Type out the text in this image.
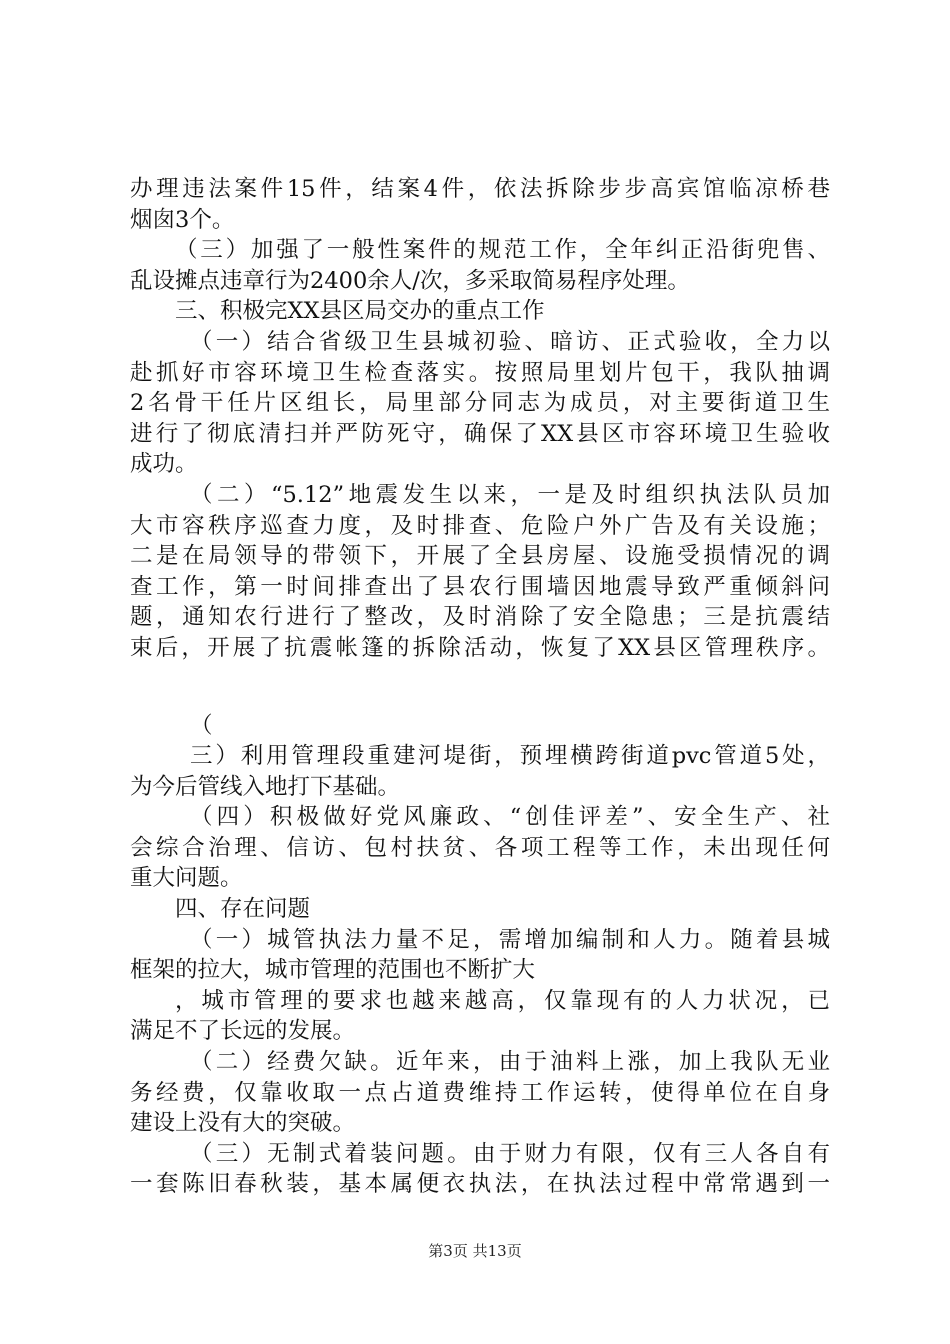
办理违法案件15件，结案4件，依法拆除步步高宾馆临凉桥巷
烟囱3个。
（三）加强了一般性案件的规范工作，全年纠正沿街兜售、
乱设摊点违章行为2400余人/次，多采取简易程序处理。
三、积极完XX县区局交办的重点工作
（一）结合省级卫生县城初验、暗访、正式验收，全力以
赴抓好市容环境卫生检查落实。按照局里划片包干，我队抽调
2名骨干任片区组长，局里部分同志为成员，对主要街道卫生
进行了彻底清扫并严防死守，确保了XX县区市容环境卫生验收
成功。
（二）“5.12”地震发生以来，一是及时组织执法队员加
大市容秩序巡查力度，及时排查、危险户外广告及有关设施；
二是在局领导的带领下，开展了全县房屋、设施受损情况的调
查工作，第一时间排查出了县农行围墙因地震导致严重倾斜问
题，通知农行进行了整改，及时消除了安全隐患；三是抗震结
束后，开展了抗震帐篷的拆除活动，恢复了XX县区管理秩序。
（
三）利用管理段重建河堤街，预埋横跨街道pvc管道5处，
为今后管线入地打下基础。
（四）积极做好党风廉政、“创佳评差”、安全生产、社
会综合治理、信访、包村扶贫、各项工程等工作，未出现任何
重大问题。
四、存在问题
（一）城管执法力量不足，需增加编制和人力。随着县城
框架的拉大，城市管理的范围也不断扩大
，城市管理的要求也越来越高，仅靠现有的人力状况，已
满足不了长远的发展。
（二）经费欠缺。近年来，由于油料上涨，加上我队无业
务经费，仅靠收取一点占道费维持工作运转，使得单位在自身
建设上没有大的突破。
（三）无制式着装问题。由于财力有限，仅有三人各自有
一套陈旧春秋装，基本属便衣执法，在执法过程中常常遇到一
第3页 共13页
